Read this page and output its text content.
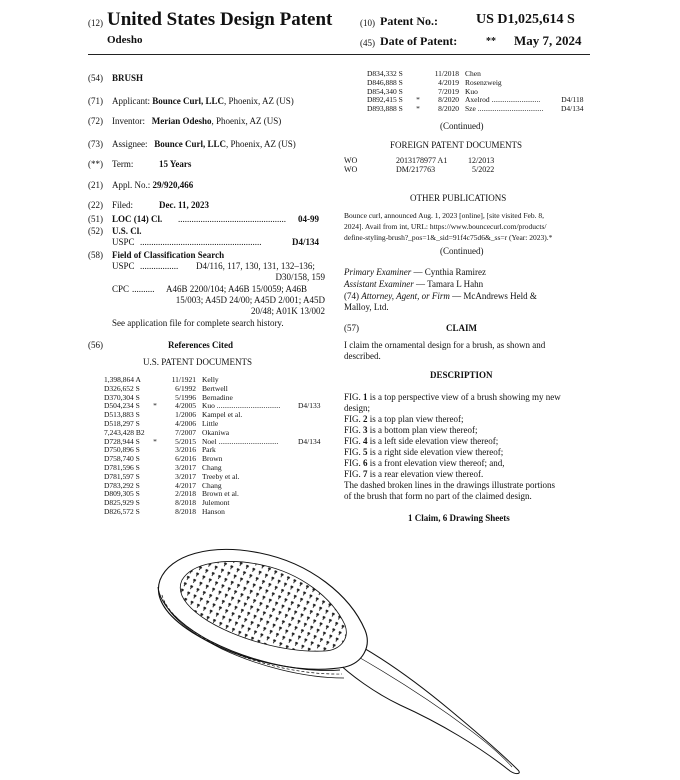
(12) United States Design Patent
Odesho
(10) Patent No.:	US D1,025,614 S
(45) Date of Patent:	** May 7, 2024
(54) BRUSH
(71) Applicant: Bounce Curl, LLC, Phoenix, AZ (US)
(72) Inventor: Merian Odesho, Phoenix, AZ (US)
(73) Assignee: Bounce Curl, LLC, Phoenix, AZ (US)
(**) Term:	15 Years
(21) Appl. No.: 29/920,466
(22) Filed:	Dec. 11, 2023
(51) LOC (14) Cl. ................................................ 04-99
(52) U.S. Cl.
USPC ......................................................	D4/134
(58) Field of Classification Search
USPC ................. D4/116, 117, 130, 131, 132–136;
D30/158, 159
CPC .......... A46B 2200/104; A46B 15/0059; A46B
15/003; A45D 24/00; A45D 2/001; A45D
20/48; A01K 13/002
See application file for complete search history.
(56)	References Cited
U.S. PATENT DOCUMENTS
1,398,864 A		11/1921	Kelly	
D326,652 S		6/1992	Bertwell	
D370,304 S		5/1996	Bernadine	
D504,234 S	*	4/2005	Kuo ..................................	D4/133
D513,883 S		1/2006	Kampel et al.	
D518,297 S		4/2006	Little	
7,243,428 B2		7/2007	Okaniwa	
D728,944 S	*	5/2015	Noel ................................	D4/134
D750,896 S		3/2016	Park	
D758,740 S		6/2016	Brown	
D781,596 S		3/2017	Chang	
D781,597 S		3/2017	Treeby et al.	
D783,292 S		4/2017	Chang	
D809,305 S		2/2018	Brown et al.	
D825,929 S		8/2018	Julemont	
D826,572 S		8/2018	Hanson	
D834,332 S		11/2018	Chen	
D846,888 S		4/2019	Rosenzweig	
D854,340 S		7/2019	Kuo	
D892,415 S	*	8/2020	Axelrod ..........................	D4/118
D893,888 S	*	8/2020	Sze ...................................	D4/134
(Continued)
FOREIGN PATENT DOCUMENTS
WO	2013178977 A1	12/2013
WO	DM/217763	5/2022
OTHER PUBLICATIONS
Bounce curl, announced Aug. 1, 2023 [online], [site visited Feb. 8,
2024]. Avail from int, URL: https://www.bouncecurl.com/products/
define-styling-brush?_pos=1&_sid=91f4c75d6&_ss=r (Year: 2023).*
(Continued)
Primary Examiner — Cynthia Ramirez
Assistant Examiner — Tamara L Hahn
(74) Attorney, Agent, or Firm — McAndrews Held &
Malloy, Ltd.
(57)	CLAIM
I claim the ornamental design for a brush, as shown and
described.
DESCRIPTION
FIG. 1 is a top perspective view of a brush showing my new
design;
FIG. 2 is a top plan view thereof;
FIG. 3 is a bottom plan view thereof;
FIG. 4 is a left side elevation view thereof;
FIG. 5 is a right side elevation view thereof;
FIG. 6 is a front elevation view thereof; and,
FIG. 7 is a rear elevation view thereof.
The dashed broken lines in the drawings illustrate portions
of the brush that form no part of the claimed design.
1 Claim, 6 Drawing Sheets
